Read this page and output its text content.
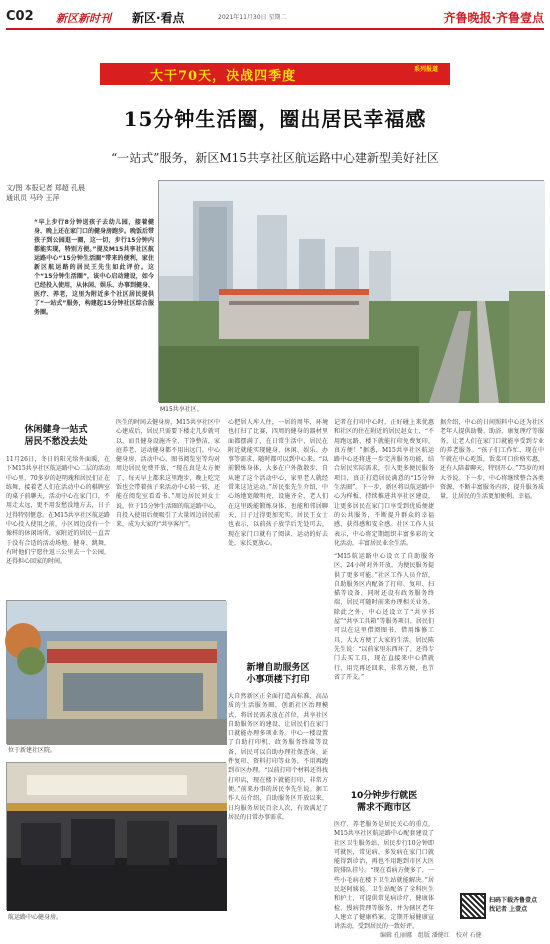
C02 新区新时刊 新区·看点	2021年11月30日 星期二	齐鲁晚报·齐鲁壹点
大干70天，决战四季度	系列报道
15分钟生活圈，圈出居民幸福感
“一站式”服务，新区M15共享社区航运路中心建新型美好社区
文/图 本报记者 郑超 孔晨
通讯员 马玲 王萍
“早上步行8分钟送孩子去幼儿园，接着健身、晚上还在家门口的健身房跑步。晚饭后带孩子到公园逛一圈，这一切，步行15分钟内都能实现，特别方便。”提及M15共享社区航运路中心“15分钟生活圈”带来的便利，家住新区航运路的居民王先生如此评价。这个“15分钟生活圈”，该中心启动建设，如今已经投入使用，从休闲、娱乐、办事到健身、医疗、养老，这里为附近多个社区居民提供了“一站式”服务，构建起15分钟社区综合服务圈。
M15共享社区。
休闲健身一站式
居民不愁没去处
11月26日，冬日的阳光给外面暖，在下M15共享社区航运路中心二层的活动中心里，70多岁的赵明瑰和居民们正在练舞，接着老人们在活动中心的棋牌室的桌子前聊天，活动中心在家门口，不用走太远，更不用发愁没地方去，日子过得特别惬意。在M15共享社区航运路中心投入使用之前，小区周边没有一个像样的休闲场所，家附近的居民一直苦于没有合适的活动场地。健身、跳舞，有时他们宁愿往返三公里去一个公园，还得担心回家的时间。
位于新建社区院。
航运路中心健身房。
医生的时间去健身房，M15共享社区中心建成后，居民只需要下楼走几步就可以，而且健身设施齐全、干净整洁，家庭养老、运动健身都不用出远门。中心健身房、活动中心、图书阅览室等均对周边居民免费开放，“现在真是太方便了，每天早上都来这里跑步，晚上吃完饭也会带着孩子来活动中心转一转，还能在阅览室看看书。”周边居民刘女士说。位于15分钟生活圈的航运路中心，自投入使用后便吸引了大量周边居民前来，成为大家的“共享客厅”。
心把居人库人住，一居的周毕，环境也打扫了比赛，四周的健身的器材里面都摆满了，在日常生活中，居民在附近就能实现健身、休闲、娱乐、办事等需求，随时都可以到中心来。“以前锻炼身体，大多在户外散散步，自从建了这个活动中心，家里老人就经常来这边运动。”居民张先生介绍，中心场地宽敞明亮，设施齐全，老人们在这里既能锻炼身体，也能和邻居聊天，日子过得更加充实。居民王女士也表示，以前孩子放学后无处可去，现在家门口就有了阅读、运动的好去处，家长更放心。
新增自助服务区
小事项楼下打印
大自然新区正全面打造高标准、高品质的生活服务圈，创新社区治理模式，将居民需求放在首位，共享社区自助服务区的建设，让居民们在家门口就能办理多项业务。中心一楼设置了自助打印机、政务服务终端等设备，居民可以自助办理社保查询、证件复印、资料打印等业务，不用再跑到市区办理。“以前打印个材料还得找打印店，现在楼下就能打印，非常方便。”前来办事的居民李先生说。据工作人员介绍，自助服务区开放以来，日均服务居民百余人次，有效满足了居民的日常办事需求。
记者在打印中心时，正好碰上来优惠和社区的住在附近的居民赵女士，“不用跑远路，楼下就能打印免费复印，真方便！”据悉，M15共享社区航运路中心还将进一步完善服务功能，结合居民实际需求，引入更多便民服务项目，真正打造居民满意的“15分钟生活圈”。下一步，新区将以航运路中心为样板，持续推进共享社区建设，让更多居民在家门口享受到优质便捷的公共服务，不断提升群众的幸福感、获得感和安全感。社区工作人员表示，中心将定期组织丰富多彩的文化活动，丰富居民业余生活。
“M15航运路中心设立了自助服务区，24小时对外开放，为便民服务提供了更多可能。”社区工作人员介绍，自助服务区内配备了打印、复印、扫描等设备，同时还设有政务服务终端，居民可随时前来办理相关业务。除此之外，中心还设立了“共享书屋”“共享工具箱”等服务项目，居民们可以在这里借阅图书、借用维修工具，大大方便了大家的生活。居民陈先生说：“以前家里东西坏了，还得专门去买工具，现在直接来中心借就行，用完再还回来，非常方便，也节省了开支。”
10分钟步行就医
需求不跑市区
医疗、养老服务是居民关心的重点。M15共享社区航运路中心配套建设了社区卫生服务站，居民步行10分钟即可就医，常见病、多发病在家门口就能得到诊治，再也不用跑到市区大医院排队挂号。“现在看病方便多了，一些小毛病在楼下卫生站就能解决。”居民赵阿姨说。卫生站配备了全科医生和护士，可提供常见病诊疗、健康体检、慢病管理等服务，并为辖区老年人建立了健康档案，定期开展健康宣讲活动，受到居民的一致好评。
据介绍，中心的日间照料中心还为社区老年人提供助餐、助浴、康复理疗等服务，让老人们在家门口就能享受到专业的养老服务。“孩子们工作忙，现在中午就在中心吃饭，饭菜可口价格实惠，还有人陪着聊天，特别开心。”75岁的刘大爷说。下一步，中心将继续整合各类资源，不断丰富服务内容，提升服务质量，让居民的生活更加便利、幸福。
扫码下载齐鲁壹点
找记者 上壹点
编辑 孔丽娜　组版 潘健红　校对 石健
